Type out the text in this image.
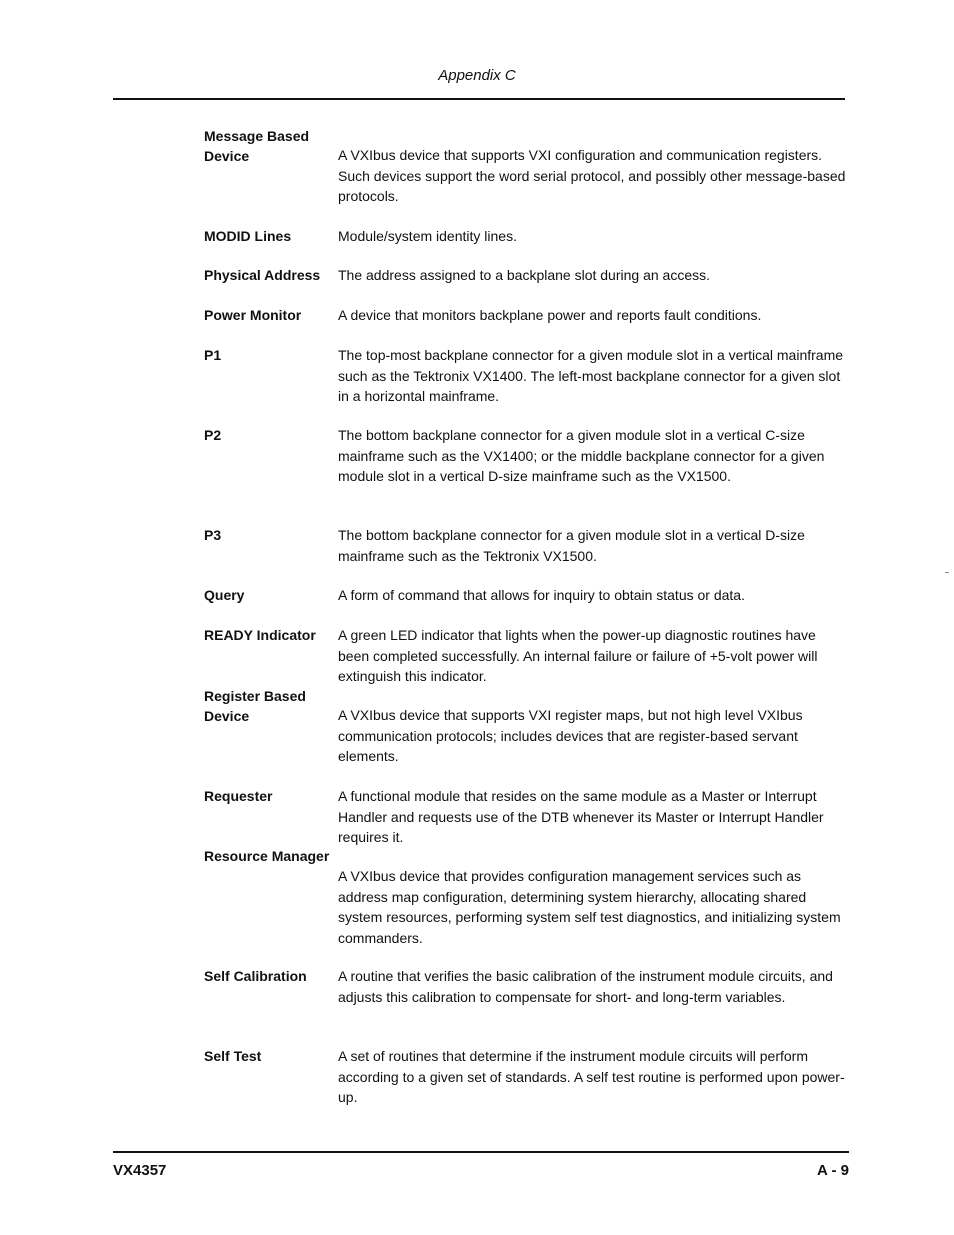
Appendix C
Message Based
Device	A VXIbus device that supports VXI configuration and communication registers. Such devices support the word serial protocol, and possibly other message-based protocols.
MODID Lines	Module/system identity lines.
Physical Address	The address assigned to a backplane slot during an access.
Power Monitor	A device that monitors backplane power and reports fault conditions.
P1	The top-most backplane connector for a given module slot in a vertical mainframe such as the Tektronix VX1400. The left-most backplane connector for a given slot in a horizontal mainframe.
P2	The bottom backplane connector for a given module slot in a vertical C-size mainframe such as the VX1400; or the middle backplane connector for a given module slot in a vertical D-size mainframe such as the VX1500.
P3	The bottom backplane connector for a given module slot in a vertical D-size mainframe such as the Tektronix VX1500.
Query	A form of command that allows for inquiry to obtain status or data.
READY Indicator	A green LED indicator that lights when the power-up diagnostic routines have been completed successfully. An internal failure or failure of +5-volt power will extinguish this indicator.
Register Based
Device	A VXIbus device that supports VXI register maps, but not high level VXIbus communication protocols; includes devices that are register-based servant elements.
Requester	A functional module that resides on the same module as a Master or Interrupt Handler and requests use of the DTB whenever its Master or Interrupt Handler requires it.
Resource Manager
A VXIbus device that provides configuration management services such as address map configuration, determining system hierarchy, allocating shared system resources, performing system self test diagnostics, and initializing system commanders.
Self Calibration	A routine that verifies the basic calibration of the instrument module circuits, and adjusts this calibration to compensate for short- and long-term variables.
Self Test	A set of routines that determine if the instrument module circuits will perform according to a given set of standards. A self test routine is performed upon power-up.
VX4357	A - 9
